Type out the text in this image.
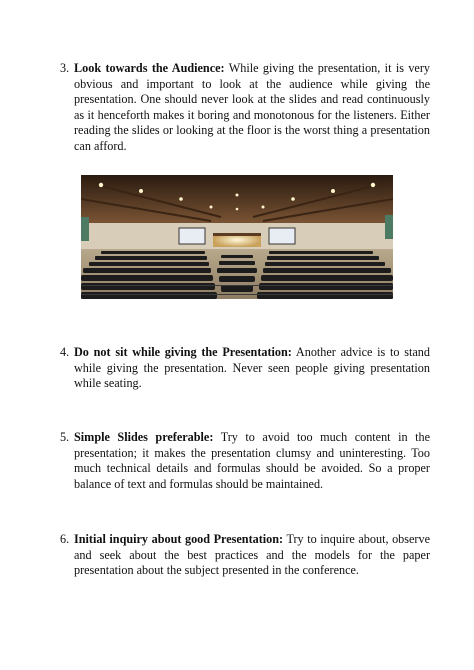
3. Look towards the Audience: While giving the presentation, it is very obvious and important to look at the audience while giving the presentation. One should never look at the slides and read continuously as it henceforth makes it boring and monotonous for the listeners. Either reading the slides or looking at the floor is the worst thing a presentation can afford.
4. Do not sit while giving the Presentation: Another advice is to stand while giving the presentation. Never seen people giving presentation while seating.
5. Simple Slides preferable: Try to avoid too much content in the presentation; it makes the presentation clumsy and uninteresting. Too much technical details and formulas should be avoided. So a proper balance of text and formulas should be maintained.
6. Initial inquiry about good Presentation: Try to inquire about, observe and seek about the best practices and the models for the paper presentation about the subject presented in the conference.
